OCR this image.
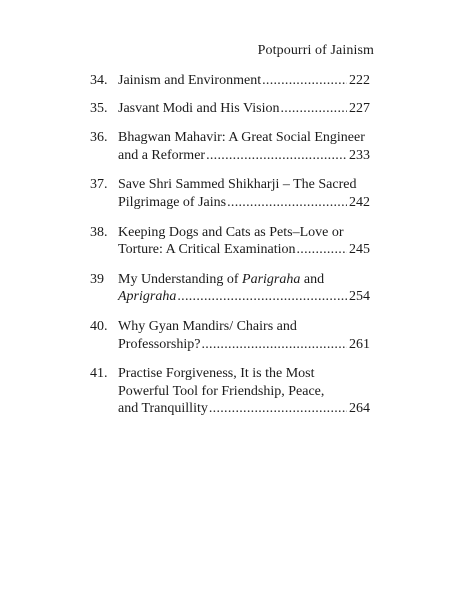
Potpourri of Jainism
34. Jainism and Environment .....	222
35. Jasvant Modi and His Vision .....	227
36. Bhagwan Mahavir: A Great Social Engineer
and a Reformer .....	233
37. Save Shri Sammed Shikharji – The Sacred
Pilgrimage of Jains .....	242
38. Keeping Dogs and Cats as Pets–Love or
Torture: A Critical Examination .....	245
39	My Understanding of Parigraha and
Aprigraha .....	254
40. Why Gyan Mandirs/ Chairs and
Professorship? .....	261
41. Practise Forgiveness, It is the Most
Powerful Tool for Friendship, Peace,
and Tranquillity .....	264
